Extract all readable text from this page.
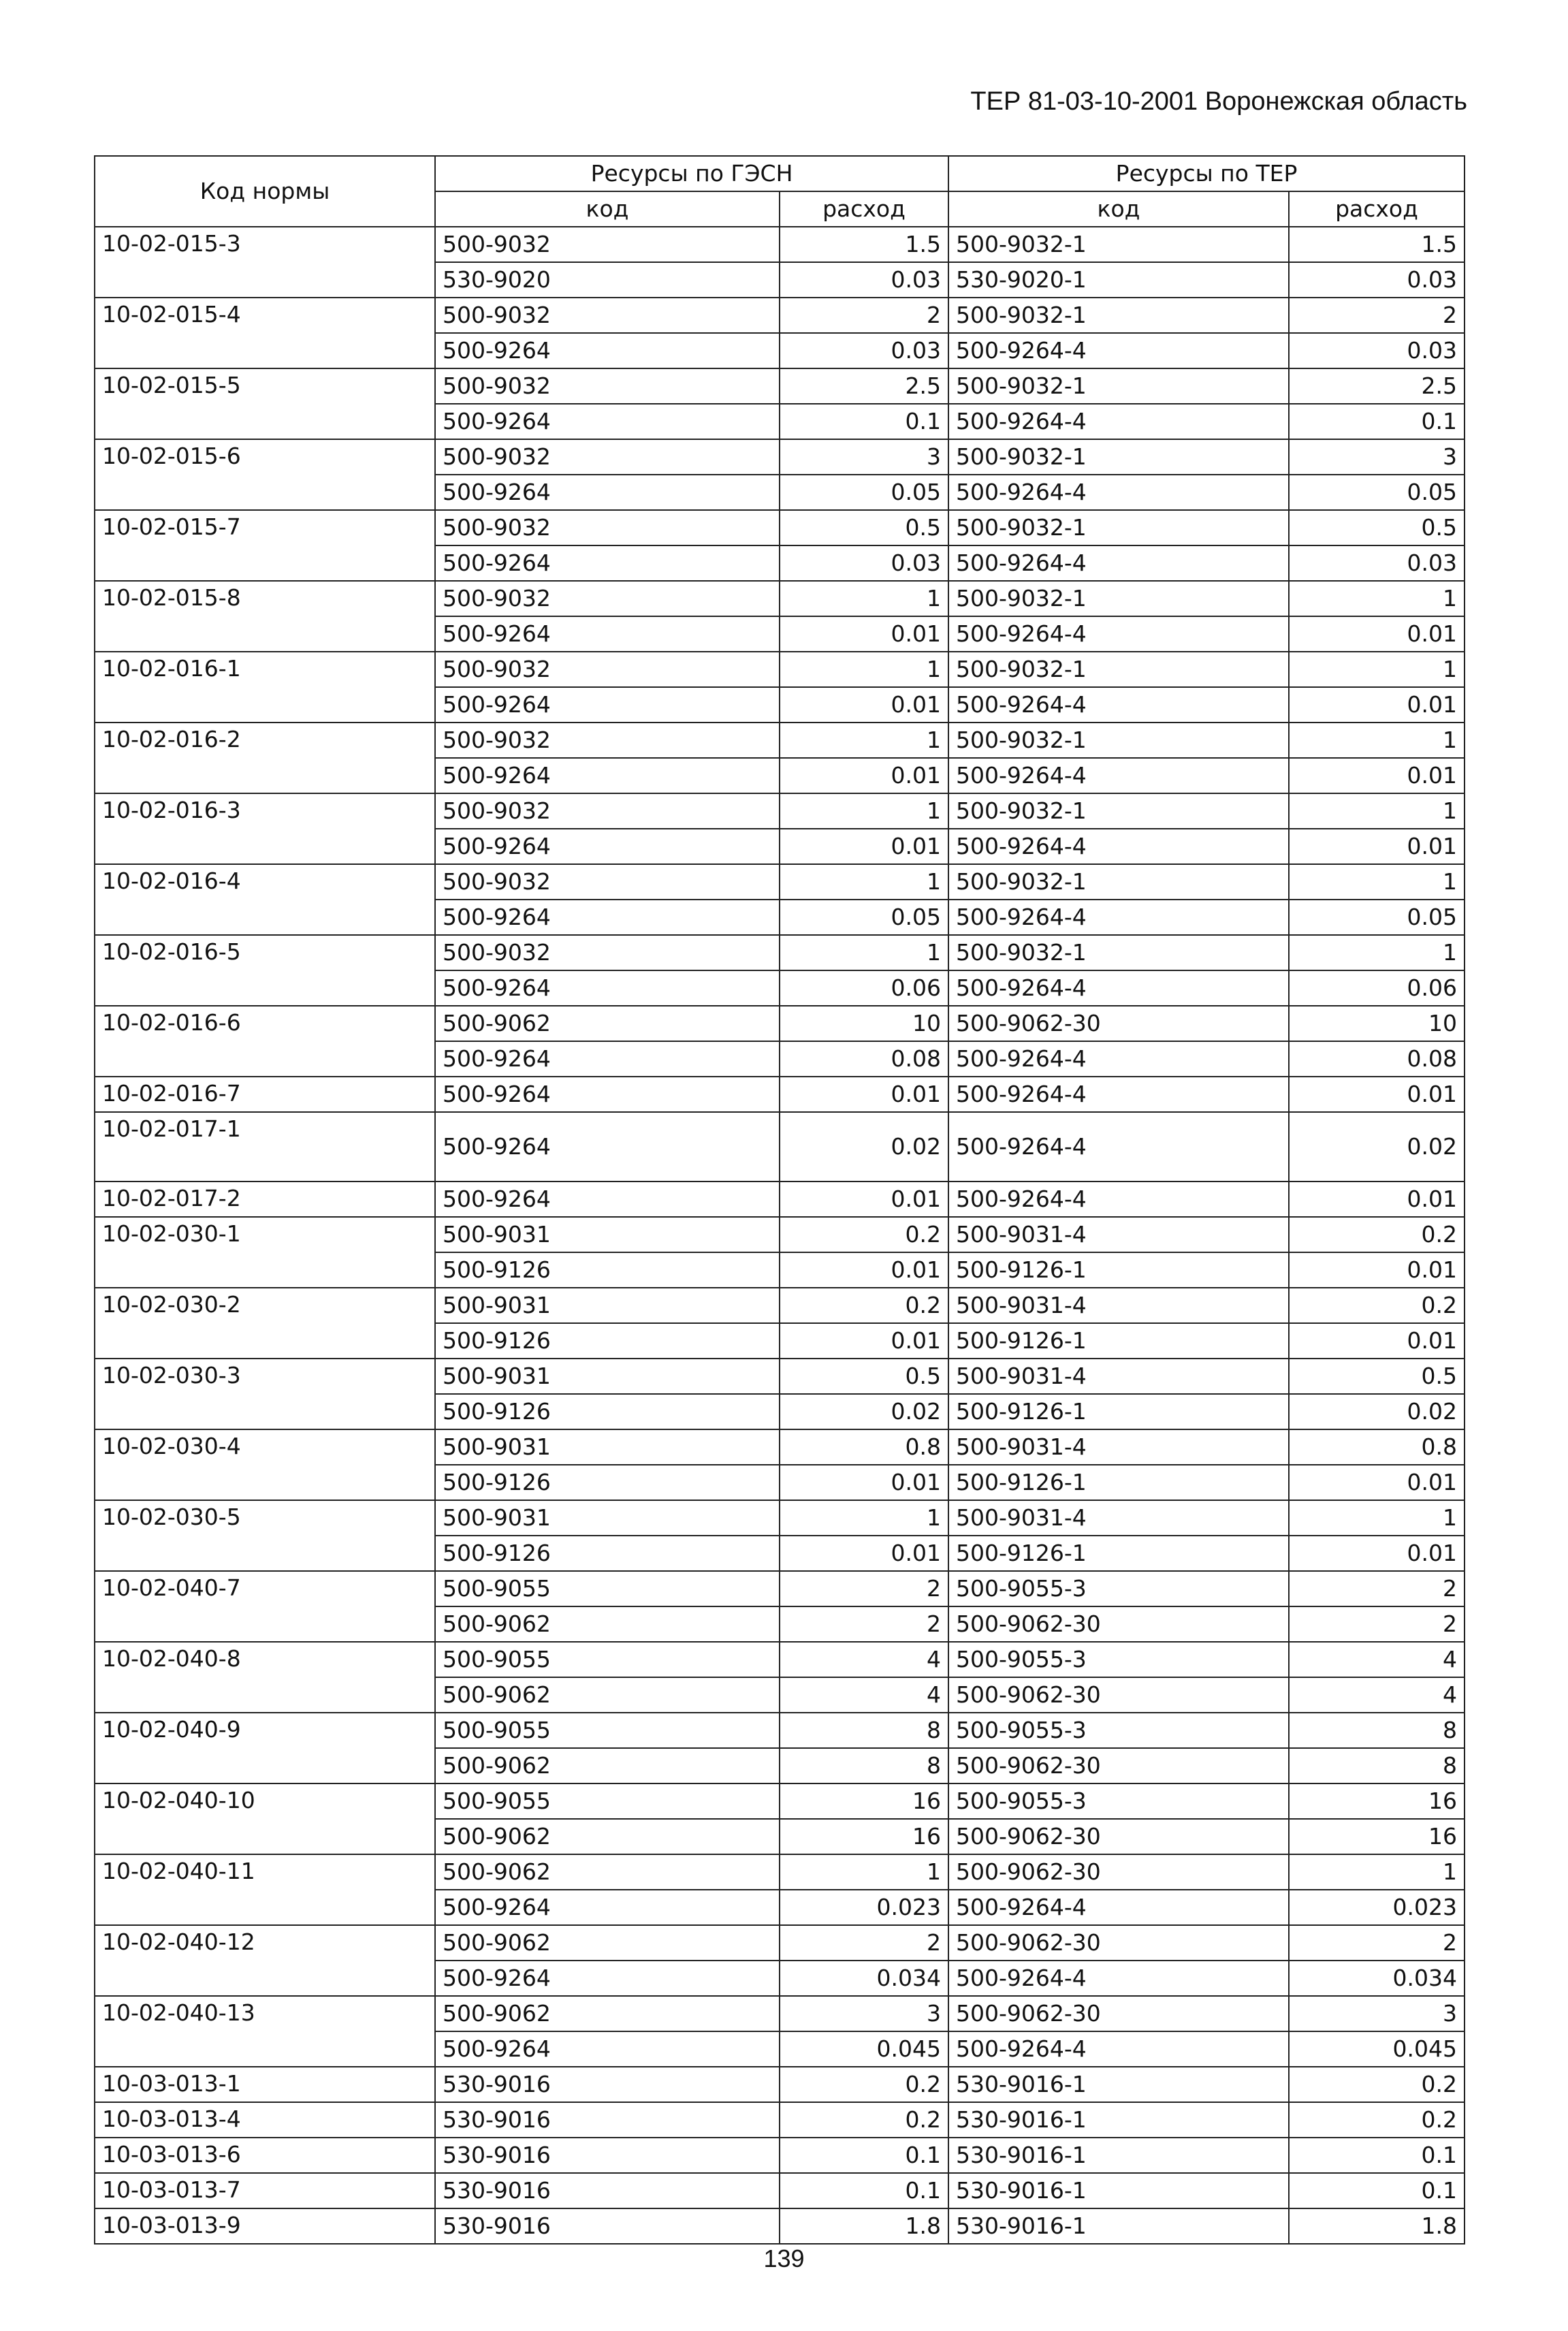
ТЕР 81-03-10-2001 Воронежская область
Код нормы	Ресурсы по ГЭСН		Ресурсы по ТЕР	
	код	расход	код	расход
10-02-015-3	500-9032	1.5	500-9032-1	1.5
	530-9020	0.03	530-9020-1	0.03
10-02-015-4	500-9032	2	500-9032-1	2
	500-9264	0.03	500-9264-4	0.03
10-02-015-5	500-9032	2.5	500-9032-1	2.5
	500-9264	0.1	500-9264-4	0.1
10-02-015-6	500-9032	3	500-9032-1	3
	500-9264	0.05	500-9264-4	0.05
10-02-015-7	500-9032	0.5	500-9032-1	0.5
	500-9264	0.03	500-9264-4	0.03
10-02-015-8	500-9032	1	500-9032-1	1
	500-9264	0.01	500-9264-4	0.01
10-02-016-1	500-9032	1	500-9032-1	1
	500-9264	0.01	500-9264-4	0.01
10-02-016-2	500-9032	1	500-9032-1	1
	500-9264	0.01	500-9264-4	0.01
10-02-016-3	500-9032	1	500-9032-1	1
	500-9264	0.01	500-9264-4	0.01
10-02-016-4	500-9032	1	500-9032-1	1
	500-9264	0.05	500-9264-4	0.05
10-02-016-5	500-9032	1	500-9032-1	1
	500-9264	0.06	500-9264-4	0.06
10-02-016-6	500-9062	10	500-9062-30	10
	500-9264	0.08	500-9264-4	0.08
10-02-016-7	500-9264	0.01	500-9264-4	0.01
10-02-017-1	500-9264	0.02	500-9264-4	0.02
10-02-017-2	500-9264	0.01	500-9264-4	0.01
10-02-030-1	500-9031	0.2	500-9031-4	0.2
	500-9126	0.01	500-9126-1	0.01
10-02-030-2	500-9031	0.2	500-9031-4	0.2
	500-9126	0.01	500-9126-1	0.01
10-02-030-3	500-9031	0.5	500-9031-4	0.5
	500-9126	0.02	500-9126-1	0.02
10-02-030-4	500-9031	0.8	500-9031-4	0.8
	500-9126	0.01	500-9126-1	0.01
10-02-030-5	500-9031	1	500-9031-4	1
	500-9126	0.01	500-9126-1	0.01
10-02-040-7	500-9055	2	500-9055-3	2
	500-9062	2	500-9062-30	2
10-02-040-8	500-9055	4	500-9055-3	4
	500-9062	4	500-9062-30	4
10-02-040-9	500-9055	8	500-9055-3	8
	500-9062	8	500-9062-30	8
10-02-040-10	500-9055	16	500-9055-3	16
	500-9062	16	500-9062-30	16
10-02-040-11	500-9062	1	500-9062-30	1
	500-9264	0.023	500-9264-4	0.023
10-02-040-12	500-9062	2	500-9062-30	2
	500-9264	0.034	500-9264-4	0.034
10-02-040-13	500-9062	3	500-9062-30	3
	500-9264	0.045	500-9264-4	0.045
10-03-013-1	530-9016	0.2	530-9016-1	0.2
10-03-013-4	530-9016	0.2	530-9016-1	0.2
10-03-013-6	530-9016	0.1	530-9016-1	0.1
10-03-013-7	530-9016	0.1	530-9016-1	0.1
10-03-013-9	530-9016	1.8	530-9016-1	1.8
139
